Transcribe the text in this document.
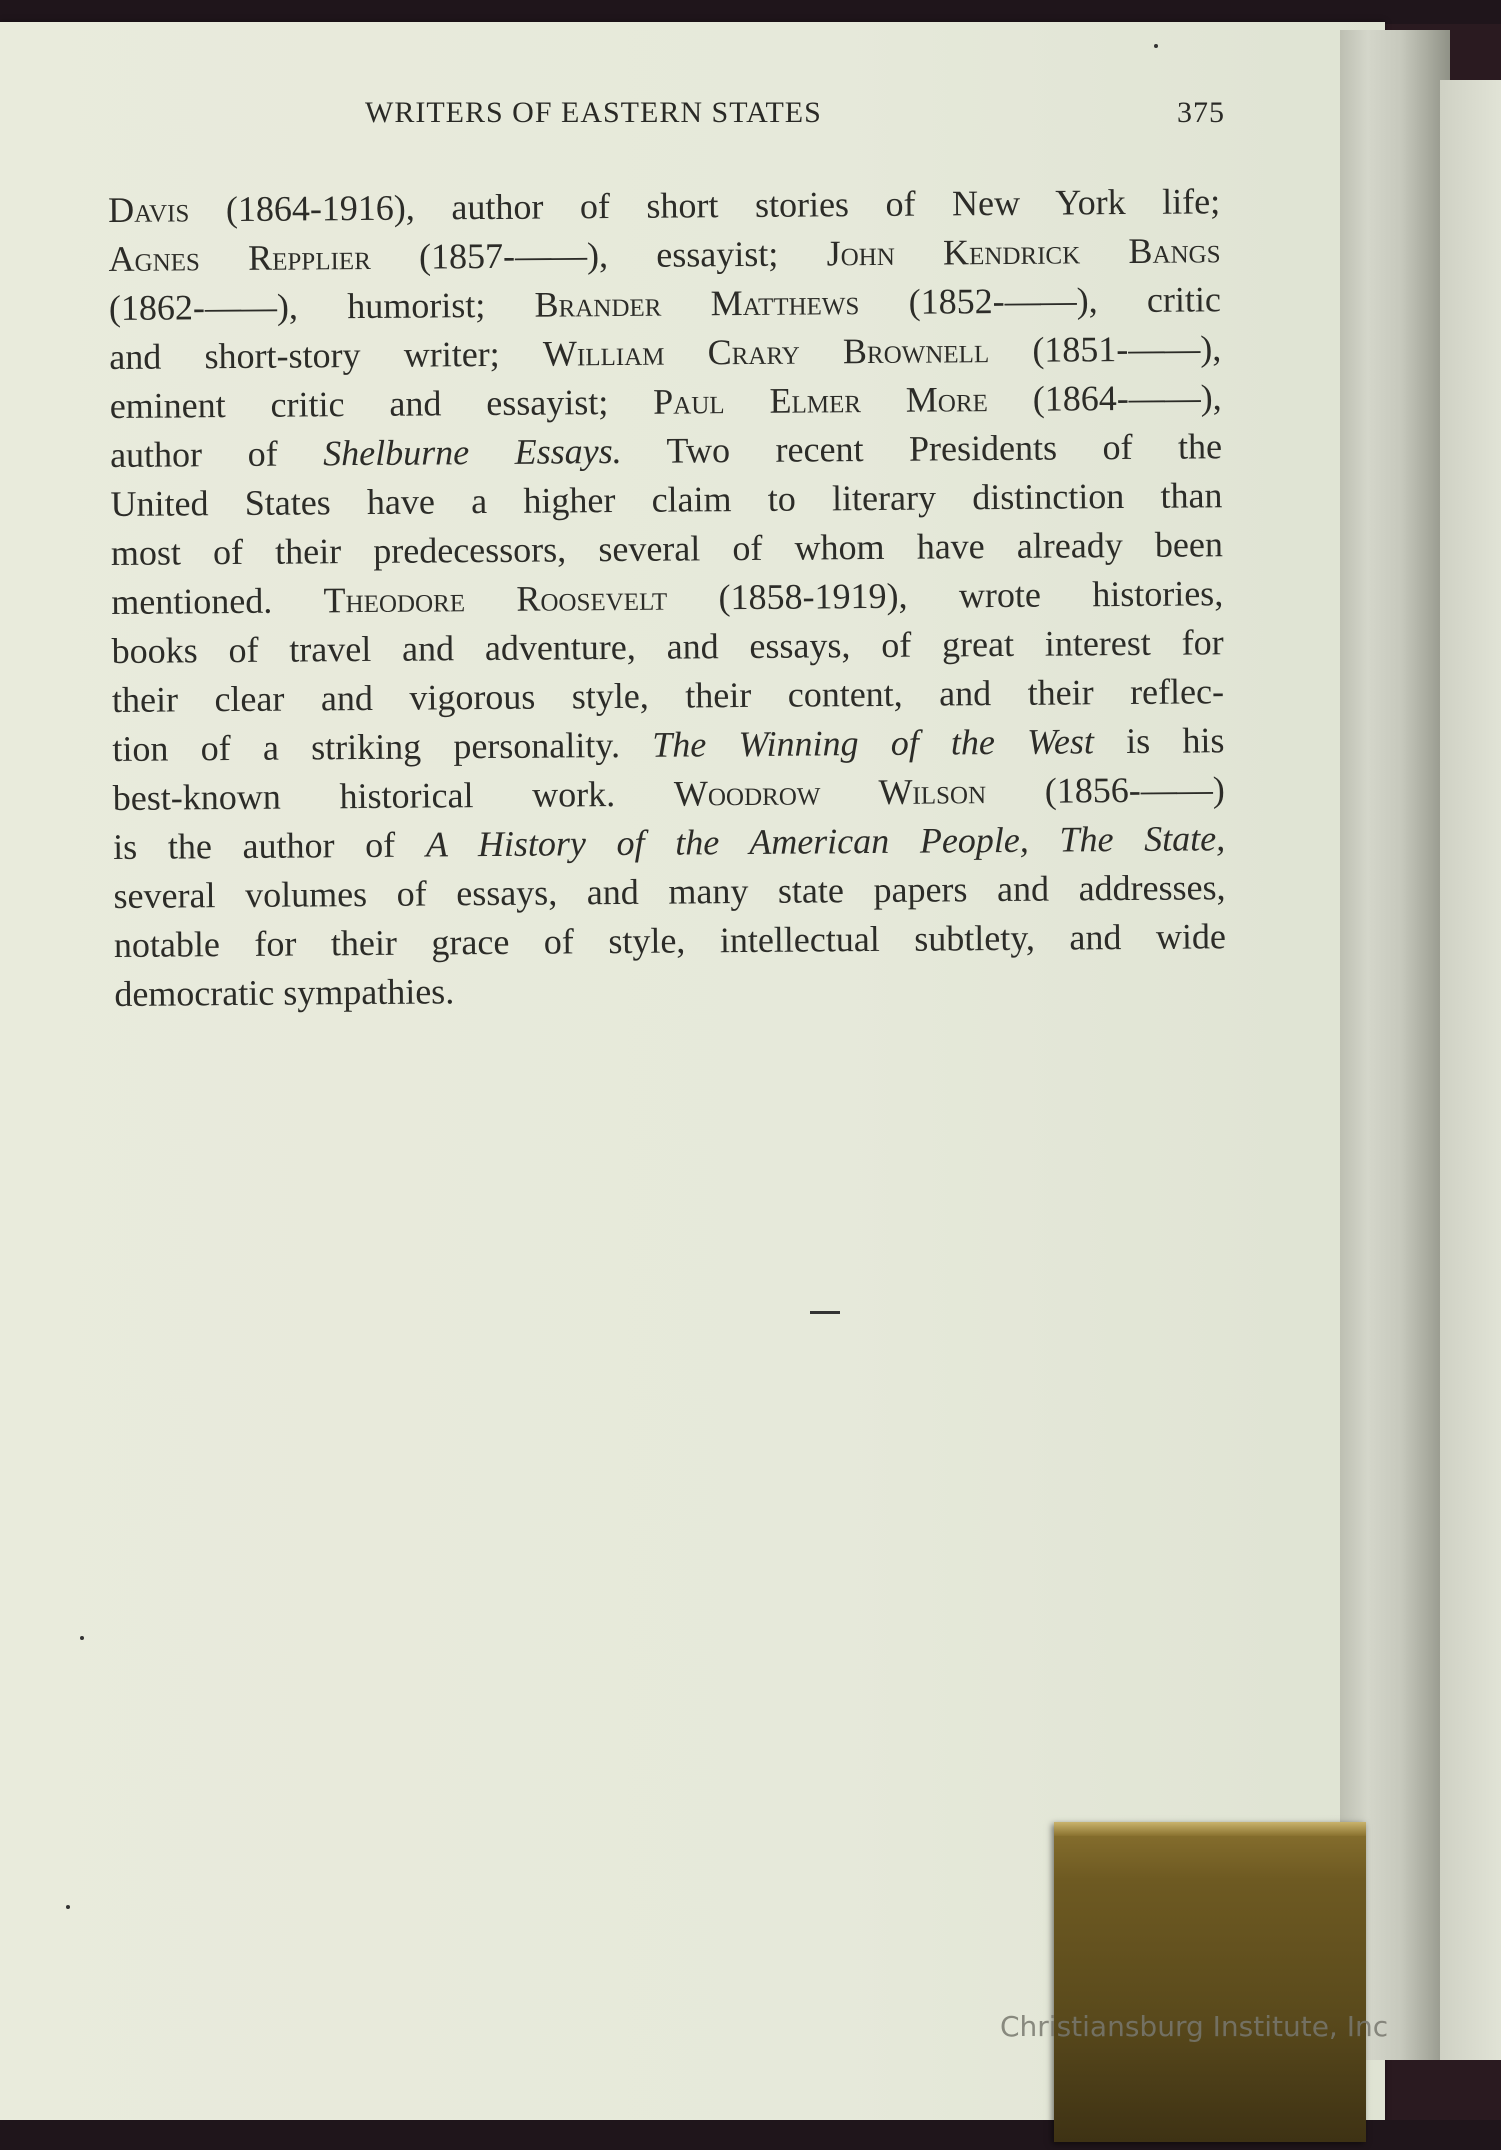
WRITERS OF EASTERN STATES	375
Davis (1864-1916), author of short stories of New York life;
Agnes Repplier (1857-——), essayist; John Kendrick Bangs
(1862-——), humorist; Brander Matthews (1852-——), critic
and short-story writer; William Crary Brownell (1851-——),
eminent critic and essayist; Paul Elmer More (1864-——),
author of Shelburne Essays. Two recent Presidents of the
United States have a higher claim to literary distinction than
most of their predecessors, several of whom have already been
mentioned. Theodore Roosevelt (1858-1919), wrote histories,
books of travel and adventure, and essays, of great interest for
their clear and vigorous style, their content, and their reflec-
tion of a striking personality. The Winning of the West is his
best-known historical work. Woodrow Wilson (1856-——)
is the author of A History of the American People, The State,
several volumes of essays, and many state papers and addresses,
notable for their grace of style, intellectual subtlety, and wide
democratic sympathies.
Christiansburg Institute, Inc
